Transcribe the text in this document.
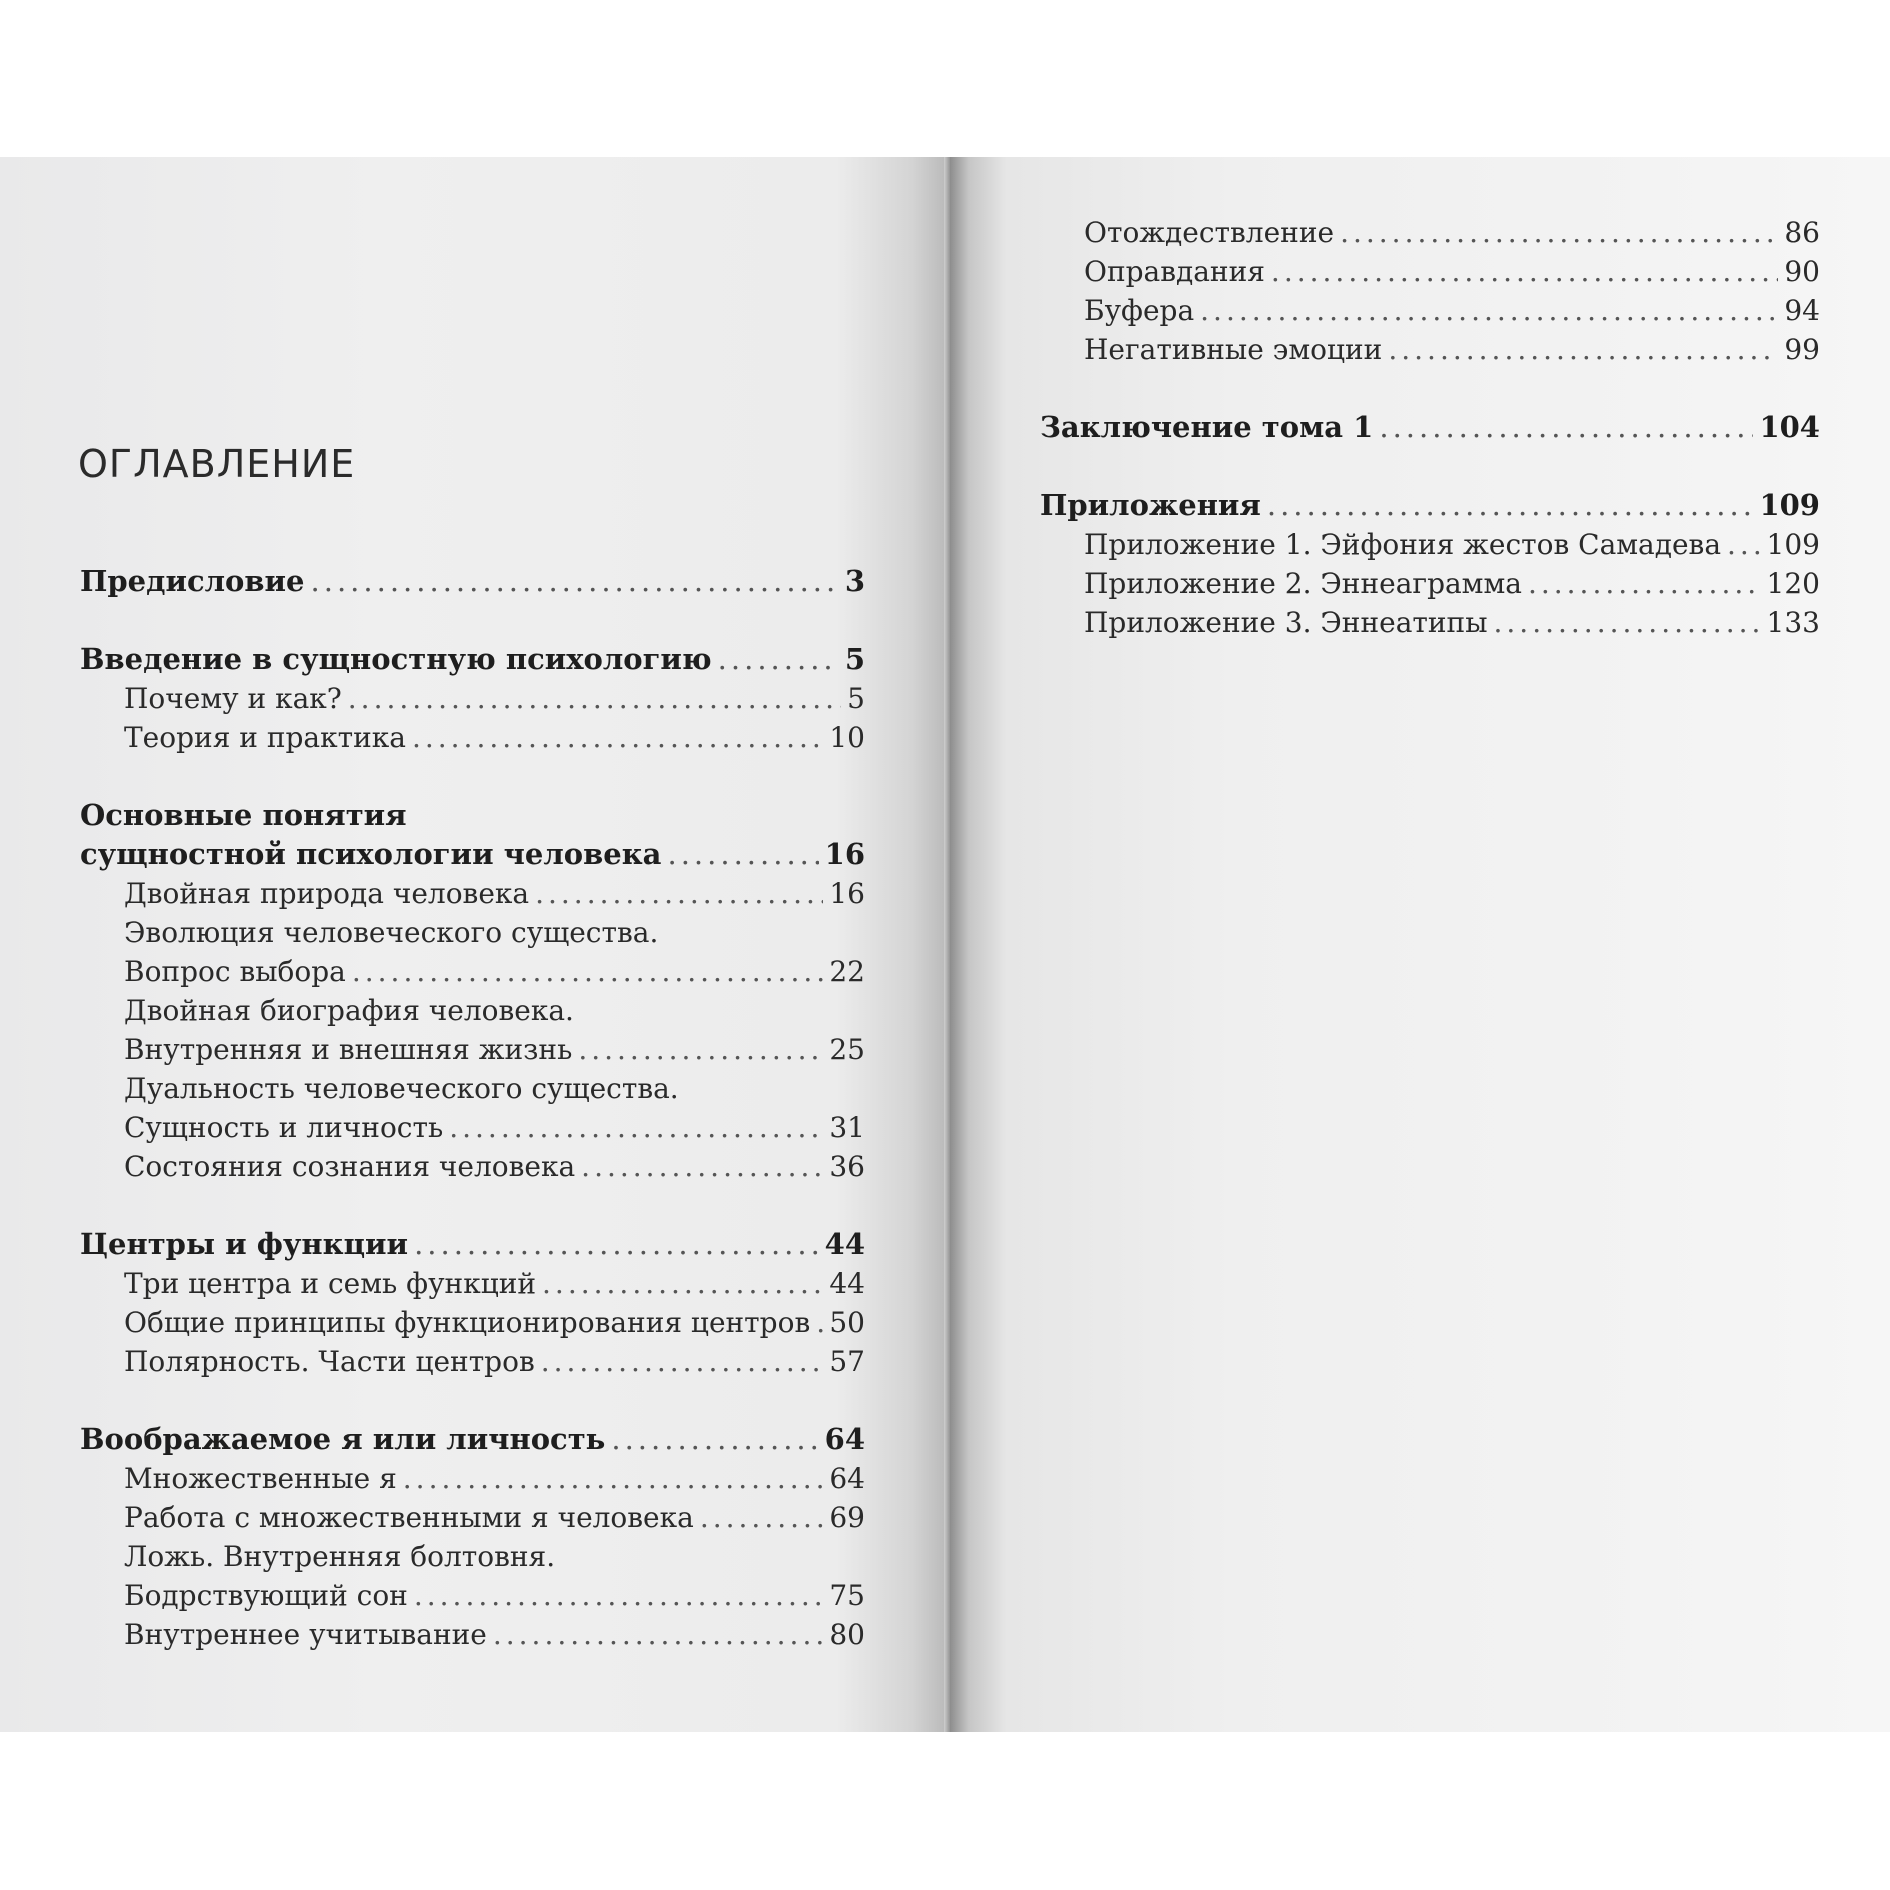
ОГЛАВЛЕНИЕ
Предисловие .....	3
Введение в сущностную психологию .....	5
Почему и как? .....	5
Теория и практика .....	10
Основные понятия
сущностной психологии человека .....	16
Двойная природа человека .....	16
Эволюция человеческого существа.
Вопрос выбора .....	22
Двойная биография человека.
Внутренняя и внешняя жизнь .....	25
Дуальность человеческого существа.
Сущность и личность .....	31
Состояния сознания человека .....	36
Центры и функции .....	44
Три центра и семь функций .....	44
Общие принципы функционирования центров ..... 50
Полярность. Части центров .....	57
Воображаемое я или личность .....	64
Множественные я .....	64
Работа с множественными я человека .....	69
Ложь. Внутренняя болтовня.
Бодрствующий сон .....	75
Внутреннее учитывание .....	80
Отождествление .....	86
Оправдания .....	90
Буфера .....	94
Негативные эмоции .....	99
Заключение тома 1 .....	104
Приложения .....	109
Приложение 1. Эйфония жестов Самадева ..... 109
Приложение 2. Эннеаграмма .....	120
Приложение 3. Эннеатипы .....	133
